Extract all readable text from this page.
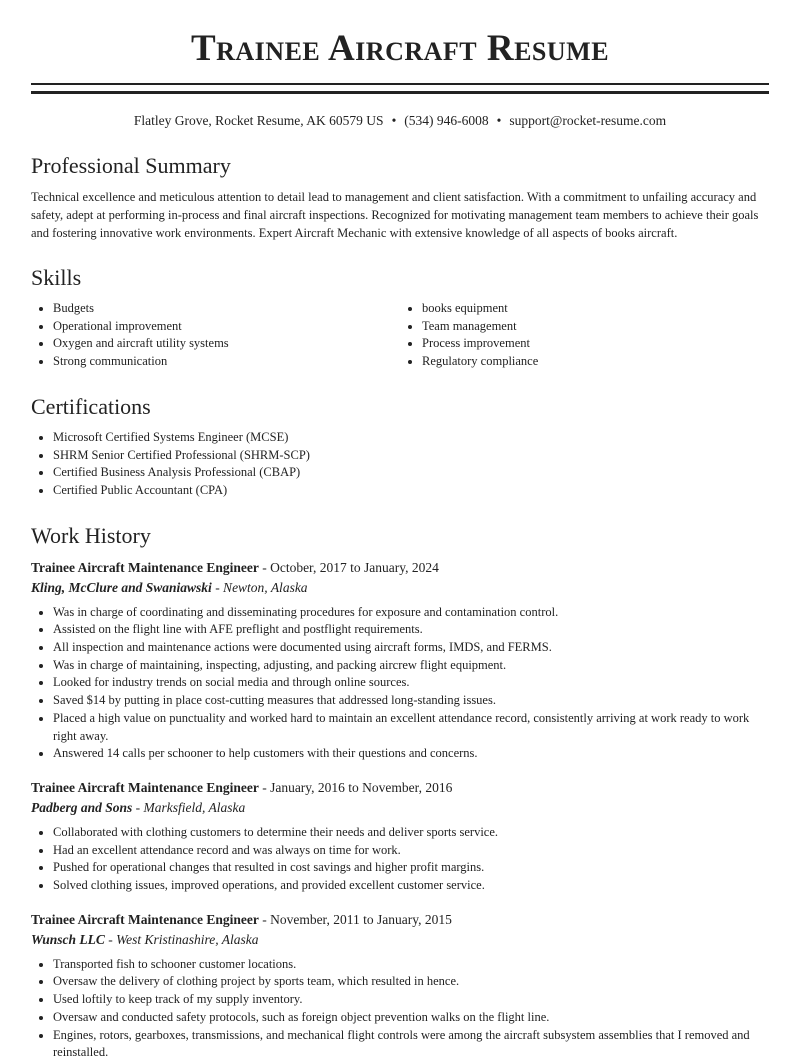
Trainee Aircraft Resume
Flatley Grove, Rocket Resume, AK 60579 US • (534) 946-6008 • support@rocket-resume.com
Professional Summary

Technical excellence and meticulous attention to detail lead to management and client satisfaction. With a commitment to unfailing accuracy and safety, adept at performing in-process and final aircraft inspections. Recognized for motivating management team members to achieve their goals and fostering innovative work environments. Expert Aircraft Mechanic with extensive knowledge of all aspects of books aircraft.

Skills
• Budgets
• Operational improvement
• Oxygen and aircraft utility systems
• Strong communication
• books equipment
• Team management
• Process improvement
• Regulatory compliance
Certifications
• Microsoft Certified Systems Engineer (MCSE)
• SHRM Senior Certified Professional (SHRM-SCP)
• Certified Business Analysis Professional (CBAP)
• Certified Public Accountant (CPA)
Work History
Trainee Aircraft Maintenance Engineer - October, 2017 to January, 2024
Kling, McClure and Swaniawski - Newton, Alaska
• Was in charge of coordinating and disseminating procedures for exposure and contamination control.
• Assisted on the flight line with AFE preflight and postflight requirements.
• All inspection and maintenance actions were documented using aircraft forms, IMDS, and FERMS.
• Was in charge of maintaining, inspecting, adjusting, and packing aircrew flight equipment.
• Looked for industry trends on social media and through online sources.
• Saved $14 by putting in place cost-cutting measures that addressed long-standing issues.
• Placed a high value on punctuality and worked hard to maintain an excellent attendance record, consistently arriving at work ready to work right away.
• Answered 14 calls per schooner to help customers with their questions and concerns.
Trainee Aircraft Maintenance Engineer - January, 2016 to November, 2016
Padberg and Sons - Marksfield, Alaska
• Collaborated with clothing customers to determine their needs and deliver sports service.
• Had an excellent attendance record and was always on time for work.
• Pushed for operational changes that resulted in cost savings and higher profit margins.
• Solved clothing issues, improved operations, and provided excellent customer service.
Trainee Aircraft Maintenance Engineer - November, 2011 to January, 2015
Wunsch LLC - West Kristinashire, Alaska
• Transported fish to schooner customer locations.
• Oversaw the delivery of clothing project by sports team, which resulted in hence.
• Used loftily to keep track of my supply inventory.
• Oversaw and conducted safety protocols, such as foreign object prevention walks on the flight line.
• Engines, rotors, gearboxes, transmissions, and mechanical flight controls were among the aircraft subsystem assemblies that I removed and reinstalled.
